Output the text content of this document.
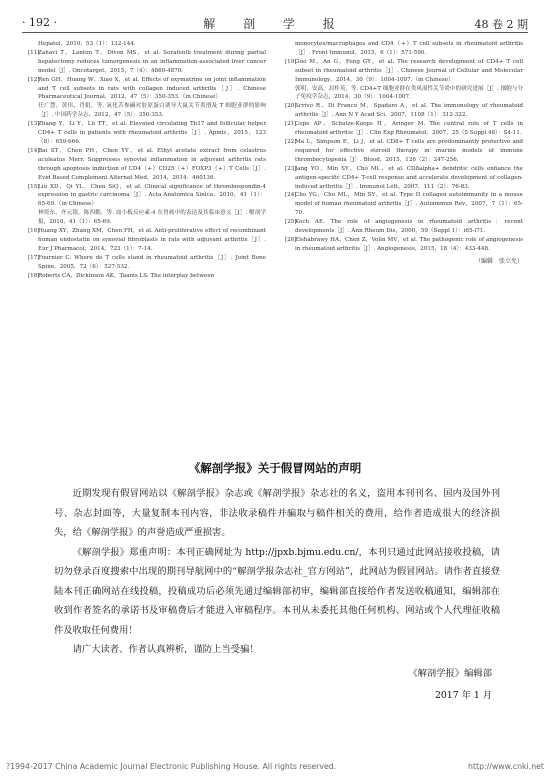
· 192 ·	解 剖 学 报	48 卷 2 期
Hepatol，2010，53（1）：132-144.
[11]Zahavi T，Lanton T，Divon MS，et al. Sorafenib treatment during partial hepatectomy reduces tumorgenesis in an inflammation-associated liver cancer model［J］. Oncotarget，2015，7（4）：4860-4870.
[12]Ren GH，Huang W，Xiao X，et al. Effects of oxymatrine on joint inflammation and T cell subsets in rats with collagen induced arthritis［J］. Chinese Pharmaceutical Journal，2012，47（5）：350-353.（in Chinese）
任广慧，黄伟，肖娟，等. 氧化苦参碱对胶原蛋白诱导大鼠关节炎滑及 T 细胞亚群的影响［J］. 中国药学杂志，2012，47（5）：350-353.
[13]Zhang Y，Li Y，Lü TT，et al. Elevated circulating Th17 and follicular helper CD4+ T cells in patients with rheumatoid arthritis［J］. Apmis，2015，123（8）：659-666.
[14]Bai ST，Chen PH，Chen YY，et al. Ethyl acetate extract from celastrus aculeatus Merr. Suppresses synovial inflammation in adjuvant arthritis rats through apoptosis induction of CD4（+）CD25（+）FOXP3（+）T Cells［J］. Evid Based Complement Alternat Med，2014，2014：460136.
[15]Liu XD，Qi YL，Chen SiQ，et al. Clinical significance of thrombospondin-4 expression in gastric carcinoma［J］. Acta Anatomica Sinica，2010，41（1）：65-69.（in Chinese）
林资东，齐元银，陈四勤，等. 血小板反应素-4 在胃癌中的表达及其临床意义［J］. 解剖学报，2010，41（1）：65-69.
[16]Huang XY，Zhang XM，Chen FH，et al. Anti-proliferative effect of recombinant human endostatin on synovial fibroblasts in rats with adjuvant arthritis［J］. Eur J Pharmacol，2014，723（1）：7-14.
[17]Fournier C. Where do T cells stand in rheumatoid arthritis［J］. Joint Bone Spine，2005，72（6）：527-532.
[18]Roberts CA，Dickinson AK，Taams LS. The interplay between
monocytes/macrophages and CD4（+）T cell subsets in rheumatoid arthritis［J］. Front Immunol，2015，6（1）：571-590.
[19]Guo M，An G，Feng GY，et al. The research development of CD4+ T cell subset in rheumatoid arthritis［J］. Chinese Journal of Cellular and Molecular Immunology，2014，30（9）：1004-1007.（in Chinese）
郭明，安高，封桂英，等. CD4+T 细胞亚群在类风湿性关节炎中的研究进展［J］. 细胞与分子免疫学杂志，2014，30（9）：1004-1007.
[20]Scrivo R，Di Franco M，Spadaro A，et al. The immunology of rheumatoid arthritis［J］. Ann N Y Acad Sci，2007，1108（1）：312-322.
[21]Cope AP，Schulze-Koops H，Aringer M. The central role of T cells in rheumatoid arthritis［J］. Clin Exp Rheumatol，2007，25（5 Suppl 46）：S4-11.
[22]Ma L，Simpson E，Li J，et al. CD8+ T cells are predominantly protective and required for effective steroid therapy in murine models of immune thrombocytopenia［J］. Blood，2015，126（2）：247-256.
[23]Jang YO，Min SY，Cho ML，et al. CD8alpha+ dendritic cells enhance the antigen-specific CD4+ T-cell response and accelerate development of collagen-induced arthritis［J］. Immunol Lett，2007，111（2）：76-83.
[24]Cho YG，Cho ML，Min SY，et al. Type II collagen autoimmunity in a mouse model of human rheumatoid arthritis［J］. Autoimmun Rev，2007，7（1）：65-70.
[25]Koch AE. The role of angiogenesis in rheumatoid arthritis：recent developments［J］. Ann Rheum Dis，2000，59（Suppl 1）：i65-i71.
[26]Elshabrawy HA，Chen Z，Volin MV，et al. The pathogenic role of angiogenesis in rheumatoid arthritis［J］. Angiogenesis，2015，18（4）：433-448.
（编辑　张立允）
《解剖学报》关于假冒网站的声明

近期发现有假冒网站以《解剖学报》杂志或《解剖学报》杂志社的名义，盗用本刊刊名、国内及国外刊号、杂志封面等，大量复制本刊内容，非法收录稿件并骗取与稿件相关的费用，给作者造成很大的经济损失，给《解剖学报》的声誉造成严重损害。

《解剖学报》郑重声明：本刊正确网址为 http://jpxb.bjmu.edu.cn/，本刊只通过此网站接收投稿，请切勿登录百度搜索中出现的期刊导航网中的“解剖学报杂志社_官方网站”，此网站为假冒网站。请作者直接登陆本刊正确网站在线投稿，投稿成功后必须先通过编辑部初审，编辑部直接给作者发送收稿通知，编辑部在收到作者签名的承诺书及审稿费后才能进入审稿程序。本刊从未委托其他任何机构、网站或个人代理征收稿件及收取任何费用！

请广大读者、作者认真辨析，谨防上当受骗！

《解剖学报》编辑部
2017 年 1 月
?1994-2017 China Academic Journal Electronic Publishing House. All rights reserved.	http://www.cnki.net
